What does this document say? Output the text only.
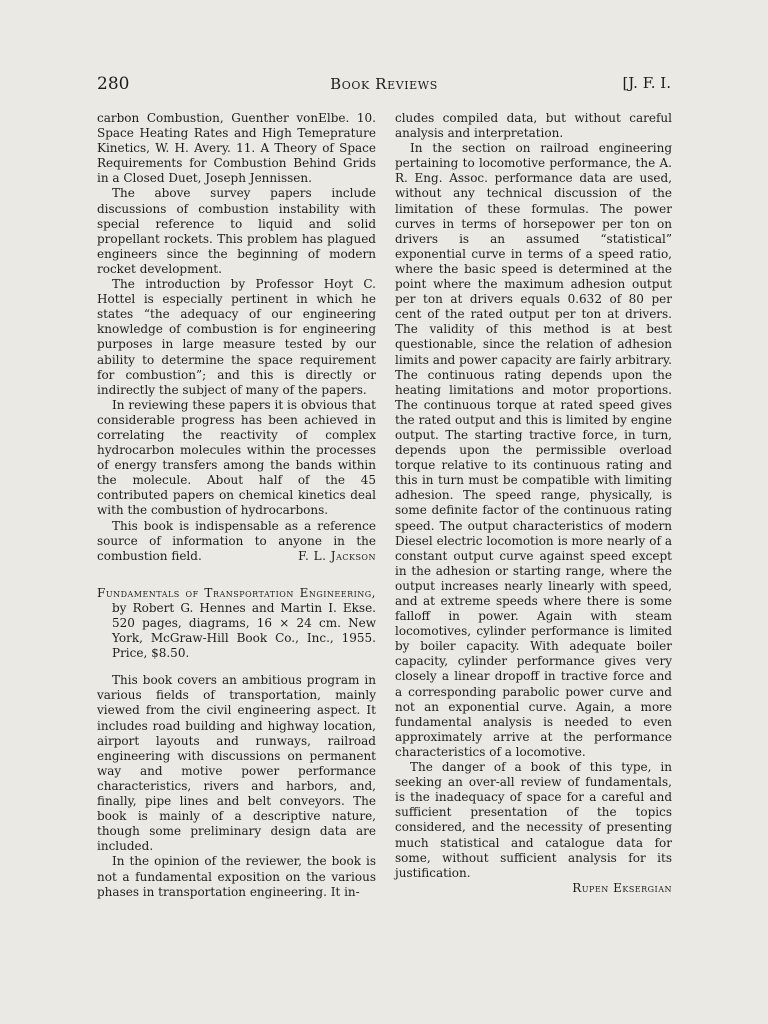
280	Book Reviews	[J. F. I.

carbon Combustion, Guenther vonElbe. 10. Space Heating Rates and High Temeprature Kinetics, W. H. Avery. 11. A Theory of Space Requirements for Combustion Behind Grids in a Closed Duet, Joseph Jennissen.

The above survey papers include discussions of combustion instability with special reference to liquid and solid propellant rockets. This problem has plagued engineers since the beginning of modern rocket development.

The introduction by Professor Hoyt C. Hottel is especially pertinent in which he states “the adequacy of our engineering knowledge of combustion is for engineering purposes in large measure tested by our ability to determine the space requirement for combustion”; and this is directly or indirectly the subject of many of the papers.

In reviewing these papers it is obvious that considerable progress has been achieved in correlating the reactivity of complex hydrocarbon molecules within the processes of energy transfers among the bands within the molecule. About half of the 45 contributed papers on chemical kinetics deal with the combustion of hydrocarbons.

This book is indispensable as a reference source of information to anyone in the combustion field.	F. L. Jackson

Fundamentals of Transportation Engineering, by Robert G. Hennes and Martin I. Ekse. 520 pages, diagrams, 16 × 24 cm. New York, McGraw-Hill Book Co., Inc., 1955. Price, $8.50.

This book covers an ambitious program in various fields of transportation, mainly viewed from the civil engineering aspect. It includes road building and highway location, airport layouts and runways, railroad engineering with discussions on permanent way and motive power performance characteristics, rivers and harbors, and, finally, pipe lines and belt conveyors. The book is mainly of a descriptive nature, though some preliminary design data are included.

In the opinion of the reviewer, the book is not a fundamental exposition on the various phases in transportation engineering. It in-

cludes compiled data, but without careful analysis and interpretation.

In the section on railroad engineering pertaining to locomotive performance, the A. R. Eng. Assoc. performance data are used, without any technical discussion of the limitation of these formulas. The power curves in terms of horsepower per ton on drivers is an assumed “statistical” exponential curve in terms of a speed ratio, where the basic speed is determined at the point where the maximum adhesion output per ton at drivers equals 0.632 of 80 per cent of the rated output per ton at drivers. The validity of this method is at best questionable, since the relation of adhesion limits and power capacity are fairly arbitrary. The continuous rating depends upon the heating limitations and motor proportions. The continuous torque at rated speed gives the rated output and this is limited by engine output. The starting tractive force, in turn, depends upon the permissible overload torque relative to its continuous rating and this in turn must be compatible with limiting adhesion. The speed range, physically, is some definite factor of the continuous rating speed. The output characteristics of modern Diesel electric locomotion is more nearly of a constant output curve against speed except in the adhesion or starting range, where the output increases nearly linearly with speed, and at extreme speeds where there is some falloff in power. Again with steam locomotives, cylinder performance is limited by boiler capacity. With adequate boiler capacity, cylinder performance gives very closely a linear dropoff in tractive force and a corresponding parabolic power curve and not an exponential curve. Again, a more fundamental analysis is needed to even approximately arrive at the performance characteristics of a locomotive.

The danger of a book of this type, in seeking an over-all review of fundamentals, is the inadequacy of space for a careful and sufficient presentation of the topics considered, and the necessity of presenting much statistical and catalogue data for some, without sufficient analysis for its justification.

Rupen Eksergian
